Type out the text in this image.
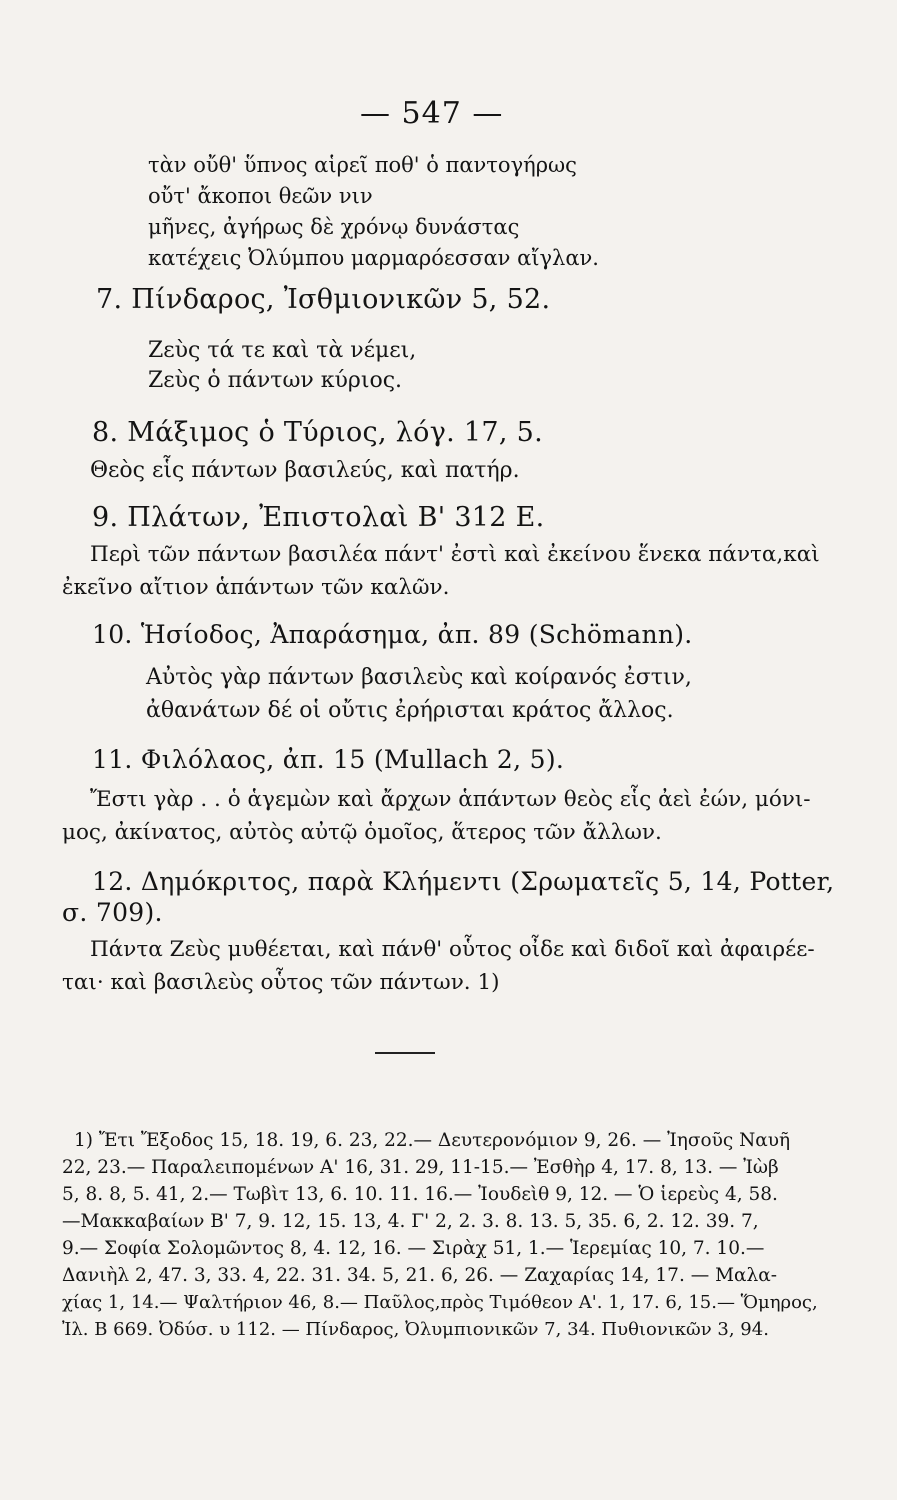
— 547 —
τὰν οὔθ' ὕπνος αἱρεῖ ποθ' ὁ παντογήρως
οὔτ' ἄκοποι θεῶν νιν
μῆνες, ἀγήρως δὲ χρόνῳ δυνάστας
κατέχεις Ὀλύμπου μαρμαρόεσσαν αἴγλαν.
7. Πίνδαρος, Ἰσθμιονικῶν 5, 52.
Ζεὺς τά τε καὶ τὰ νέμει,
Ζεὺς ὁ πάντων κύριος.
8. Μάξιμος ὁ Τύριος, λόγ. 17, 5.
Θεὸς εἷς πάντων βασιλεύς, καὶ πατήρ.
9. Πλάτων, Ἐπιστολαὶ Β' 312 Ε.
Περὶ τῶν πάντων βασιλέα πάντ' ἐστὶ καὶ ἐκείνου ἕνεκα πάντα,καὶ
ἐκεῖνο αἴτιον ἁπάντων τῶν καλῶν.
10. Ἡσίοδος, Ἀπαράσημα, ἀπ. 89 (Schömann).
Αὐτὸς γὰρ πάντων βασιλεὺς καὶ κοίρανός ἐστιν,
ἀθανάτων δέ οἱ οὔτις ἐρήρισται κράτος ἄλλος.
11. Φιλόλαος, ἀπ. 15 (Mullach 2, 5).
Ἔστι γὰρ . . ὁ ἁγεμὼν καὶ ἄρχων ἁπάντων θεὸς εἷς ἀεὶ ἐών, μόνι-
μος, ἀκίνατος, αὐτὸς αὐτῷ ὁμοῖος, ἅτερος τῶν ἄλλων.
12. Δημόκριτος, παρὰ Κλήμεντι (Σρωματεῖς 5, 14, Potter,
σ. 709).
Πάντα Ζεὺς μυθέεται, καὶ πάνθ' οὗτος οἶδε καὶ διδοῖ καὶ ἀφαιρέε-
ται· καὶ βασιλεὺς οὗτος τῶν πάντων. 1)
1) Ἔτι Ἔξοδος 15, 18. 19, 6. 23, 22.— Δευτερονόμιον 9, 26. — Ἰησοῦς Ναυῆ
22, 23.— Παραλειπομένων Α' 16, 31. 29, 11-15.— Ἐσθὴρ 4, 17. 8, 13. — Ἰὼβ
5, 8. 8, 5. 41, 2.— Τωβὶτ 13, 6. 10. 11. 16.— Ἰουδεὶθ 9, 12. — Ὁ ἱερεὺς 4, 58.
—Μακκαβαίων Β' 7, 9. 12, 15. 13, 4. Γ' 2, 2. 3. 8. 13. 5, 35. 6, 2. 12. 39. 7,
9.— Σοφία Σολομῶντος 8, 4. 12, 16. — Σιρὰχ 51, 1.— Ἱερεμίας 10, 7. 10.—
Δανιὴλ 2, 47. 3, 33. 4, 22. 31. 34. 5, 21. 6, 26. — Ζαχαρίας 14, 17. — Μαλα-
χίας 1, 14.— Ψαλτήριον 46, 8.— Παῦλος,πρὸς Τιμόθεον Α'. 1, 17. 6, 15.— Ὅμηρος,
Ἰλ. Β 669. Ὀδύσ. υ 112. — Πίνδαρος, Ὀλυμπιονικῶν 7, 34. Πυθιονικῶν 3, 94.
